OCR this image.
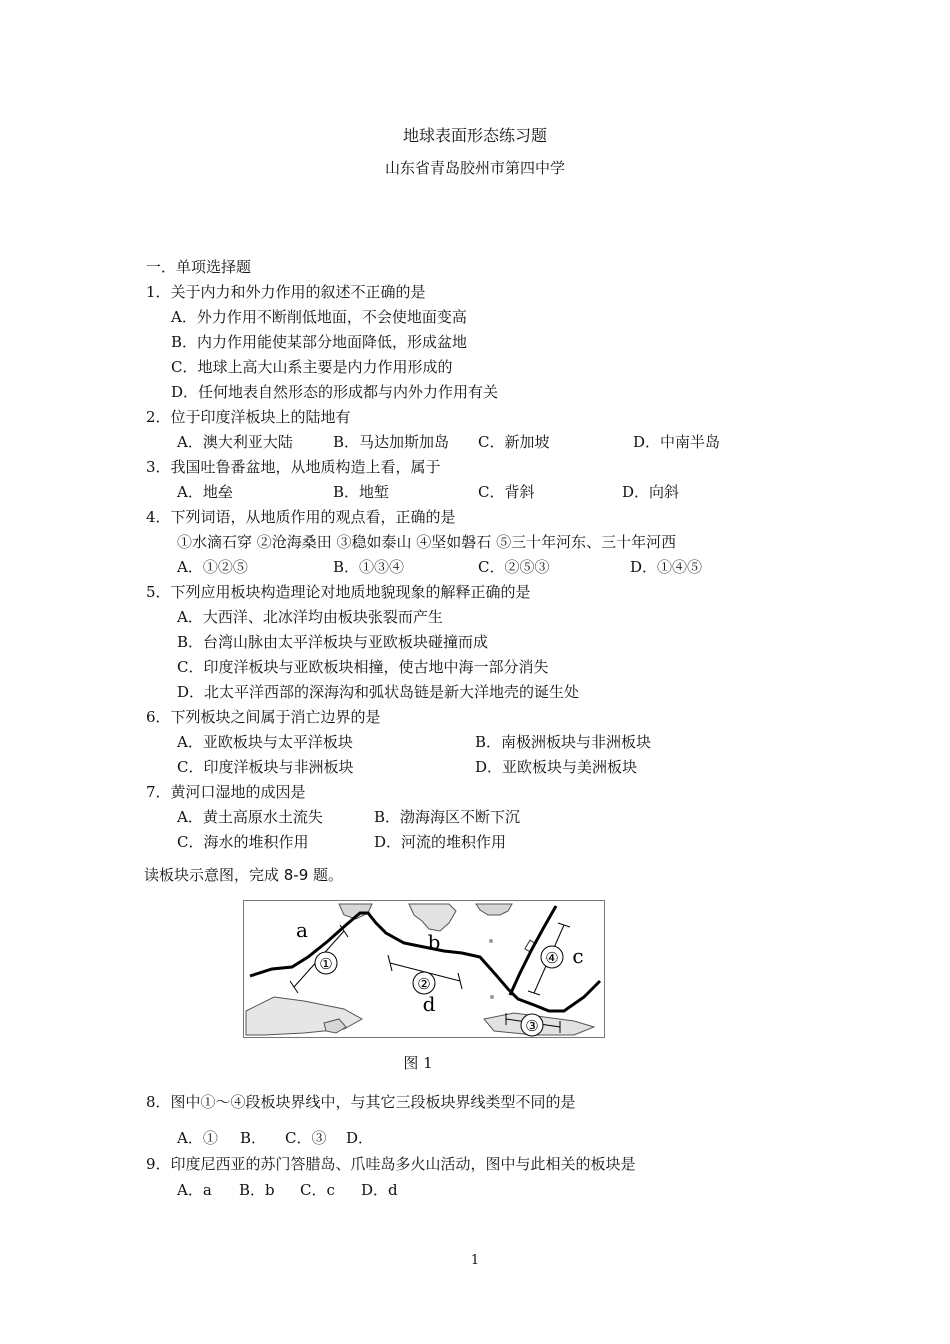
地球表面形态练习题
山东省青岛胶州市第四中学
一．单项选择题
1．关于内力和外力作用的叙述不正确的是
A．外力作用不断削低地面，不会使地面变高
B．内力作用能使某部分地面降低，形成盆地
C．地球上高大山系主要是内力作用形成的
D．任何地表自然形态的形成都与内外力作用有关
2．位于印度洋板块上的陆地有
A．澳大利亚大陆	B．马达加斯加岛 C．新加坡	D．中南半岛
3．我国吐鲁番盆地，从地质构造上看，属于
A．地垒	B．地堑	C．背斜	D．向斜
4．下列词语，从地质作用的观点看，正确的是
①水滴石穿 ②沧海桑田 ③稳如泰山 ④坚如磐石 ⑤三十年河东、三十年河西
A．①②⑤	B．①③④	C．②⑤③	D．①④⑤
5．下列应用板块构造理论对地质地貌现象的解释正确的是
A．大西洋、北冰洋均由板块张裂而产生
B．台湾山脉由太平洋板块与亚欧板块碰撞而成
C．印度洋板块与亚欧板块相撞，使古地中海一部分消失
D．北太平洋西部的深海沟和弧状岛链是新大洋地壳的诞生处
6．下列板块之间属于消亡边界的是
A．亚欧板块与太平洋板块	B．南极洲板块与非洲板块
C．印度洋板块与非洲板块	D．亚欧板块与美洲板块
7．黄河口湿地的成因是
A．黄土高原水土流失	B．渤海海区不断下沉
C．海水的堆积作用	D．河流的堆积作用
读板块示意图，完成 8-9 题。
①
②
③
④
a	b
c
d
图 1
8．图中①～④段板块界线中，与其它三段板块界线类型不同的是
A．① B． C．③ D．
9．印度尼西亚的苏门答腊岛、爪哇岛多火山活动，图中与此相关的板块是
A．a B．b C．c D．d
1
